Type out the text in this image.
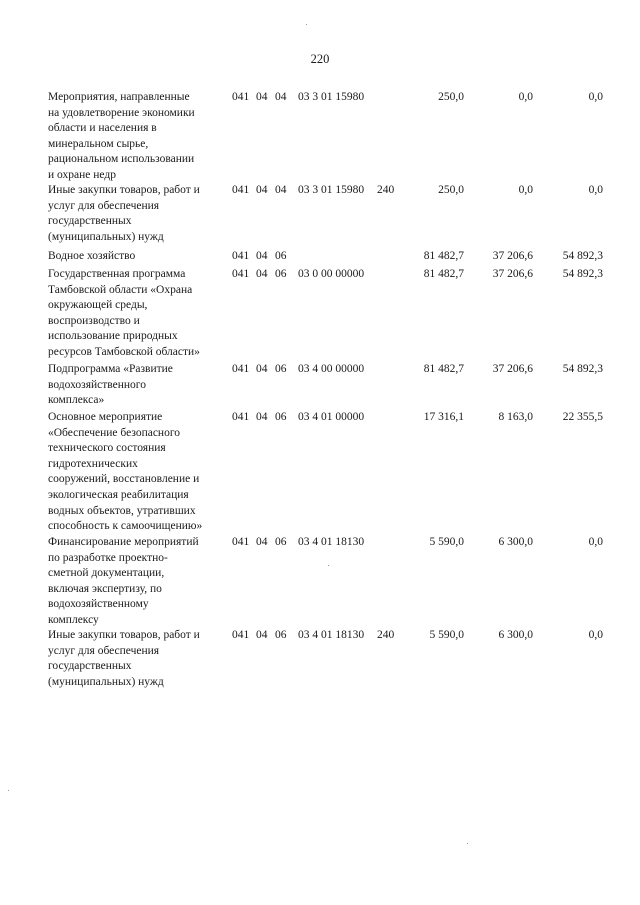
220
Мероприятия, направленные
на удовлетворение экономики
области и населения в
минеральном сырье,
рациональном использовании
и охране недр
041 04 04 03 3 01 15980	250,0	0,0	0,0
Иные закупки товаров, работ и
услуг для обеспечения
государственных
(муниципальных) нужд
041 04 04 03 3 01 15980 240	250,0	0,0	0,0
Водное хозяйство	041 04 06	81 482,7	37 206,6	54 892,3
Государственная программа
Тамбовской области «Охрана
окружающей среды,
воспроизводство и
использование природных
ресурсов Тамбовской области»
041 04 06 03 0 00 00000	81 482,7	37 206,6	54 892,3
Подпрограмма «Развитие
водохозяйственного
комплекса»
041 04 06 03 4 00 00000	81 482,7	37 206,6	54 892,3
Основное мероприятие
«Обеспечение безопасного
технического состояния
гидротехнических
сооружений, восстановление и
экологическая реабилитация
водных объектов, утративших
способность к самоочищению»
041 04 06 03 4 01 00000	17 316,1	8 163,0	22 355,5
Финансирование мероприятий
по разработке проектно-
сметной документации,
включая экспертизу, по
водохозяйственному
комплексу
041 04 06 03 4 01 18130	5 590,0	6 300,0	0,0
Иные закупки товаров, работ и
услуг для обеспечения
государственных
(муниципальных) нужд
041 04 06 03 4 01 18130 240	5 590,0	6 300,0	0,0
